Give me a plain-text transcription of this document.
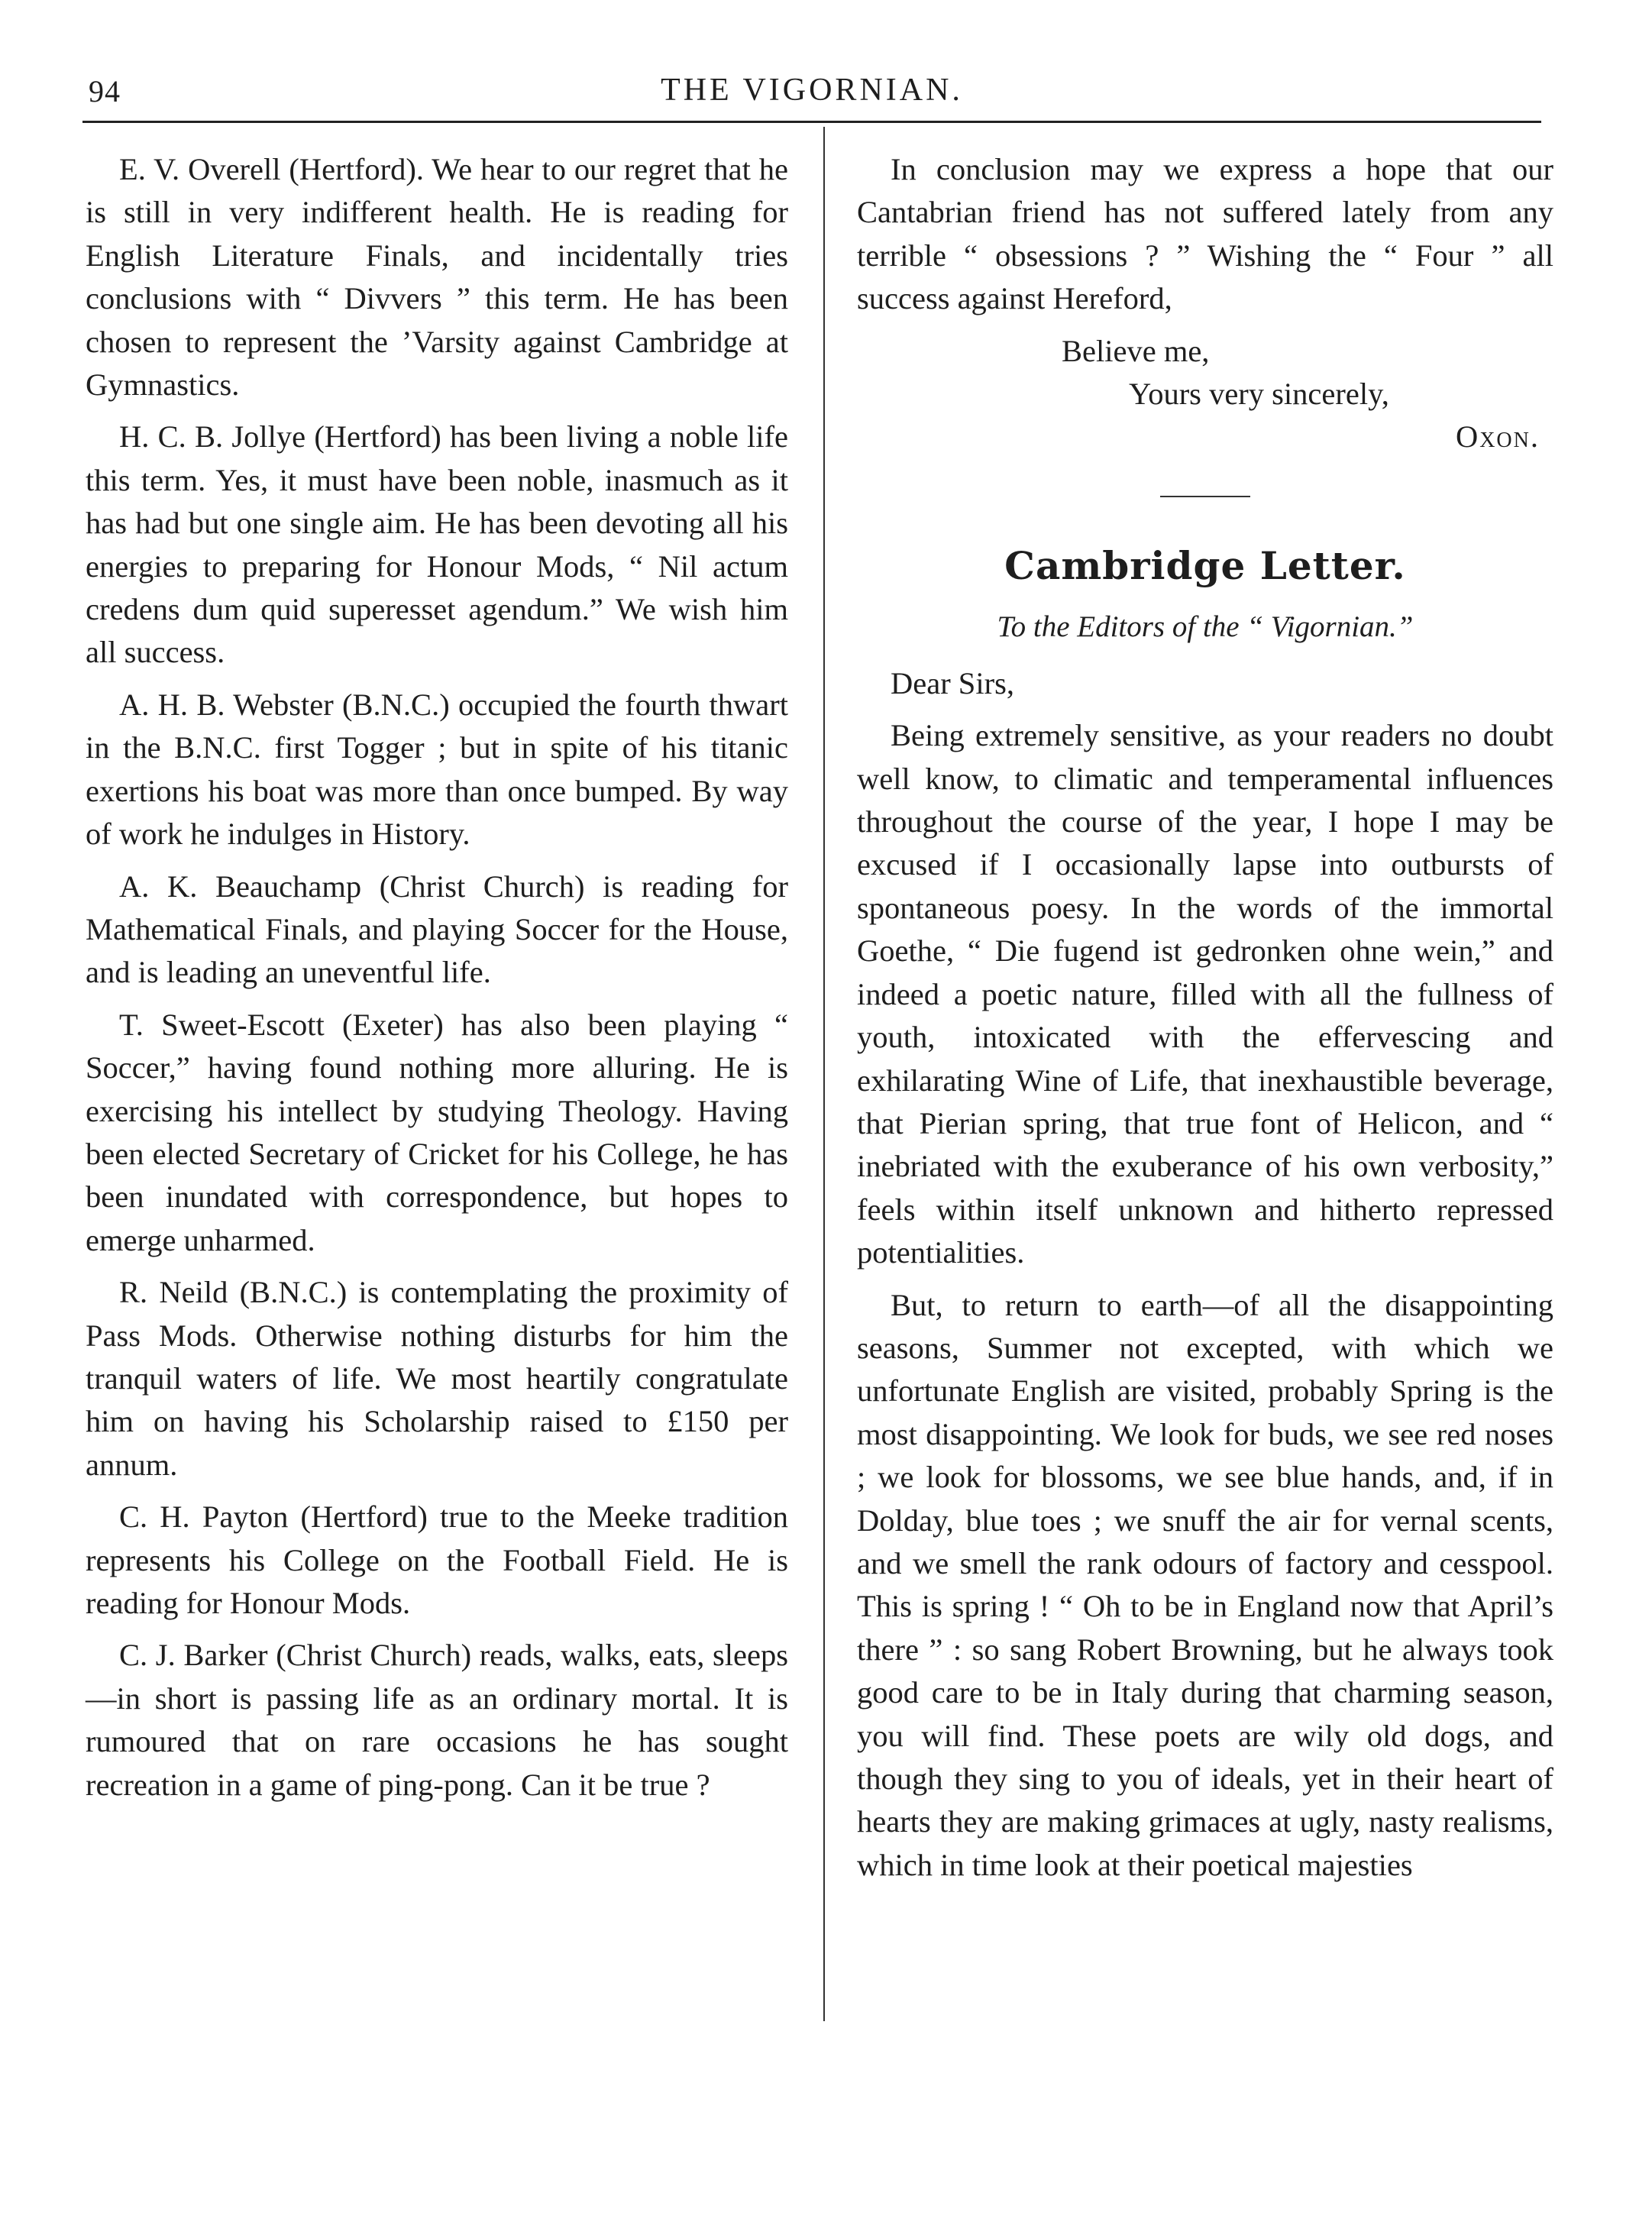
94	THE VIGORNIAN.

E. V. Overell (Hertford). We hear to our regret that he is still in very indifferent health. He is reading for English Literature Finals, and incidentally tries conclusions with “ Divvers ” this term. He has been chosen to represent the ’Varsity against Cambridge at Gymnastics.

H. C. B. Jollye (Hertford) has been living a noble life this term. Yes, it must have been noble, inasmuch as it has had but one single aim. He has been devoting all his energies to preparing for Honour Mods, “ Nil actum credens dum quid superesset agendum.” We wish him all success.

A. H. B. Webster (B.N.C.) occupied the fourth thwart in the B.N.C. first Togger ; but in spite of his titanic exertions his boat was more than once bumped. By way of work he indulges in History.

A. K. Beauchamp (Christ Church) is reading for Mathematical Finals, and playing Soccer for the House, and is leading an uneventful life.

T. Sweet-Escott (Exeter) has also been playing “ Soccer,” having found nothing more alluring. He is exercising his intellect by studying Theology. Having been elected Secretary of Cricket for his College, he has been inundated with correspondence, but hopes to emerge unharmed.

R. Neild (B.N.C.) is contemplating the proximity of Pass Mods. Otherwise nothing disturbs for him the tranquil waters of life. We most heartily congratulate him on having his Scholarship raised to £150 per annum.

C. H. Payton (Hertford) true to the Meeke tradition represents his College on the Football Field. He is reading for Honour Mods.

C. J. Barker (Christ Church) reads, walks, eats, sleeps—in short is passing life as an ordinary mortal. It is rumoured that on rare occasions he has sought recreation in a game of ping-pong. Can it be true ?

In conclusion may we express a hope that our Cantabrian friend has not suffered lately from any terrible “ obsessions ? ” Wishing the “ Four ” all success against Hereford,

Believe me,
Yours very sincerely,
Oxon.
Cambridge Letter.
To the Editors of the “ Vigornian.”

Dear Sirs,

Being extremely sensitive, as your readers no doubt well know, to climatic and temperamental influences throughout the course of the year, I hope I may be excused if I occasionally lapse into outbursts of spontaneous poesy. In the words of the immortal Goethe, “ Die fugend ist gedronken ohne wein,” and indeed a poetic nature, filled with all the fullness of youth, intoxicated with the effervescing and exhilarating Wine of Life, that inexhaustible beverage, that Pierian spring, that true font of Helicon, and “ inebriated with the exuberance of his own verbosity,” feels within itself unknown and hitherto repressed potentialities.

But, to return to earth—of all the disappointing seasons, Summer not excepted, with which we unfortunate English are visited, probably Spring is the most disappointing. We look for buds, we see red noses ; we look for blossoms, we see blue hands, and, if in Dolday, blue toes ; we snuff the air for vernal scents, and we smell the rank odours of factory and cesspool. This is spring ! “ Oh to be in England now that April’s there ” : so sang Robert Browning, but he always took good care to be in Italy during that charming season, you will find. These poets are wily old dogs, and though they sing to you of ideals, yet in their heart of hearts they are making grimaces at ugly, nasty realisms, which in time look at their poetical majesties
